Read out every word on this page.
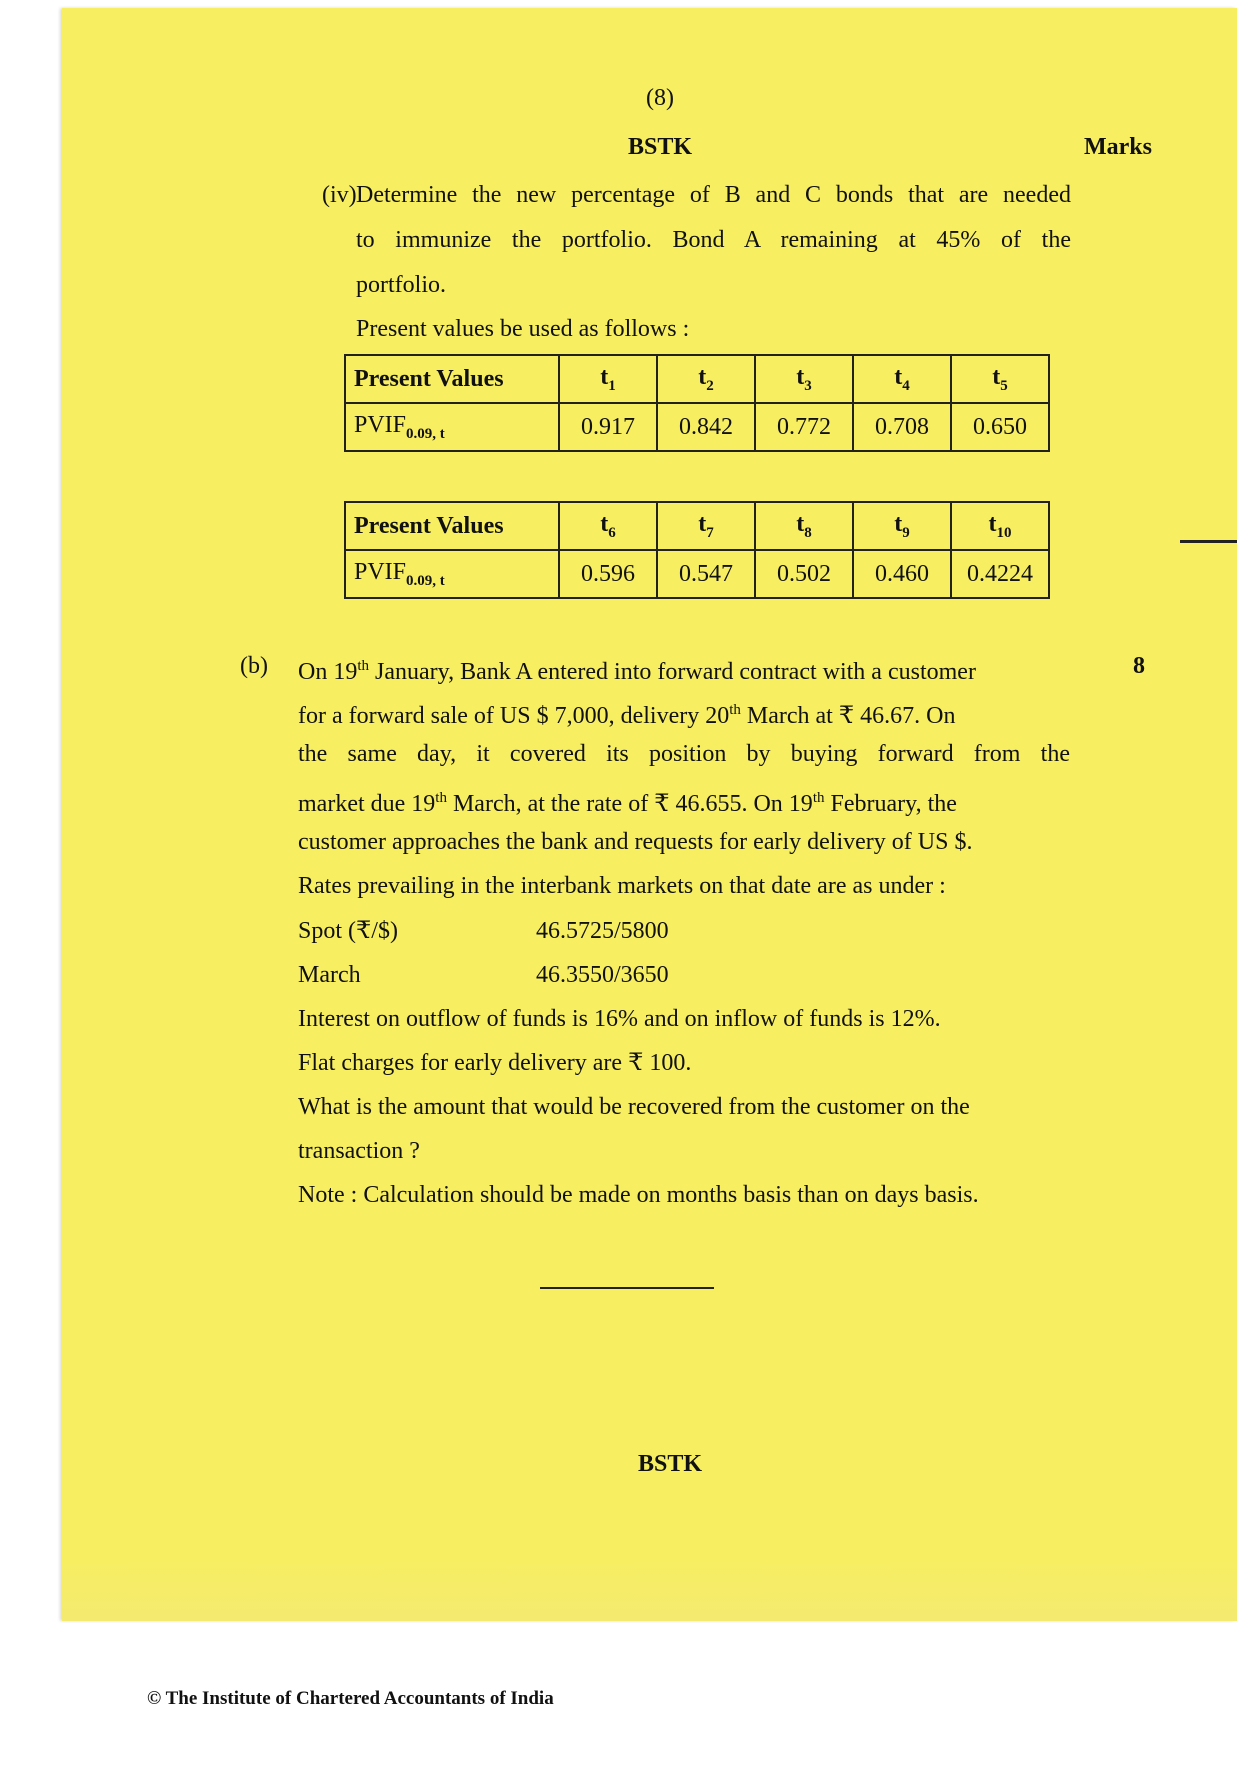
(8)
BSTK	Marks
(iv) Determine the new percentage of B and C bonds that are needed
to immunize the portfolio. Bond A remaining at 45% of the
portfolio.
Present values be used as follows :
Present Values	$t_1$	$t_2$	$t_3$	$t_4$	$t_5$
$PVIF_{0.09, t}$	0.917	0.842	0.772	0.708	0.650
Present Values	$t_6$	$t_7$	$t_8$	$t_9$	$t_{10}$
$PVIF_{0.09, t}$	0.596	0.547	0.502	0.460	0.4224
(b)	8
On 19th January, Bank A entered into forward contract with a customer
for a forward sale of US $ 7,000, delivery 20th March at ₹ 46.67. On
the same day, it covered its position by buying forward from the
market due 19th March, at the rate of ₹ 46.655. On 19th February, the
customer approaches the bank and requests for early delivery of US $.
Rates prevailing in the interbank markets on that date are as under :
Spot (₹/$)	46.5725/5800
March	46.3550/3650
Interest on outflow of funds is 16% and on inflow of funds is 12%.
Flat charges for early delivery are ₹ 100.
What is the amount that would be recovered from the customer on the
transaction ?
Note : Calculation should be made on months basis than on days basis.
BSTK
© The Institute of Chartered Accountants of India
